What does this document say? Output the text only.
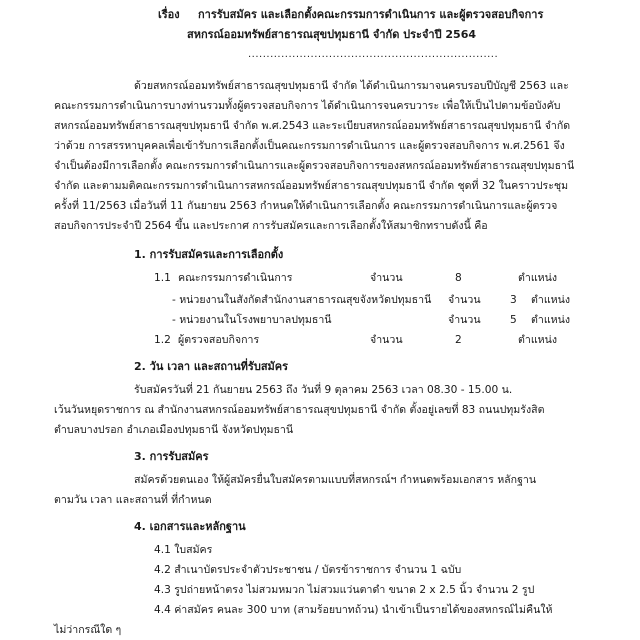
เรื่อง การรับสมัคร และเลือกตั้งคณะกรรมการดำเนินการ และผู้ตรวจสอบกิจการ
สหกรณ์ออมทรัพย์สาธารณสุขปทุมธานี จำกัด ประจำปี 2564
....................................................................
ด้วยสหกรณ์ออมทรัพย์สาธารณสุขปทุมธานี จำกัด ได้ดำเนินการมาจนครบรอบปีบัญชี 2563 และ
คณะกรรมการดำเนินการบางท่านรวมทั้งผู้ตรวจสอบกิจการ ได้ดำเนินการจนครบวาระ เพื่อให้เป็นไปตามข้อบังคับ
สหกรณ์ออมทรัพย์สาธารณสุขปทุมธานี จำกัด พ.ศ.2543 และระเบียบสหกรณ์ออมทรัพย์สาธารณสุขปทุมธานี จำกัด
ว่าด้วย การสรรหาบุคคลเพื่อเข้ารับการเลือกตั้งเป็นคณะกรรมการดำเนินการ และผู้ตรวจสอบกิจการ พ.ศ.2561 จึง
จำเป็นต้องมีการเลือกตั้ง คณะกรรมการดำเนินการและผู้ตรวจสอบกิจการของสหกรณ์ออมทรัพย์สาธารณสุขปทุมธานี
จำกัด และตามมติคณะกรรมการดำเนินการสหกรณ์ออมทรัพย์สาธารณสุขปทุมธานี จำกัด ชุดที่ 32 ในคราวประชุม
ครั้งที่ 11/2563 เมื่อวันที่ 11 กันยายน 2563 กำหนดให้ดำเนินการเลือกตั้ง คณะกรรมการดำเนินการและผู้ตรวจ
สอบกิจการประจำปี 2564 ขึ้น และประกาศ การรับสมัครและการเลือกตั้งให้สมาชิกทราบดังนี้ คือ
1. การรับสมัครและการเลือกตั้ง
1.1 คณะกรรมการดำเนินการ	จำนวน	8	ตำแหน่ง
- หน่วยงานในสังกัดสำนักงานสาธารณสุขจังหวัดปทุมธานี จำนวน	3 ตำแหน่ง
- หน่วยงานในโรงพยาบาลปทุมธานี	จำนวน	5 ตำแหน่ง
1.2 ผู้ตรวจสอบกิจการ	จำนวน	2	ตำแหน่ง
2. วัน เวลา และสถานที่รับสมัคร
รับสมัครวันที่ 21 กันยายน 2563 ถึง วันที่ 9 ตุลาคม 2563 เวลา 08.30 - 15.00 น.
เว้นวันหยุดราชการ ณ สำนักงานสหกรณ์ออมทรัพย์สาธารณสุขปทุมธานี จำกัด ตั้งอยู่เลขที่ 83 ถนนปทุมรังสิต
ตำบลบางปรอก อำเภอเมืองปทุมธานี จังหวัดปทุมธานี
3. การรับสมัคร
สมัครด้วยตนเอง ให้ผู้สมัครยื่นใบสมัครตามแบบที่สหกรณ์ฯ กำหนดพร้อมเอกสาร หลักฐาน
ตามวัน เวลา และสถานที่ ที่กำหนด
4. เอกสารและหลักฐาน
4.1 ใบสมัคร
4.2 สำเนาบัตรประจำตัวประชาชน / บัตรข้าราชการ จำนวน 1 ฉบับ
4.3 รูปถ่ายหน้าตรง ไม่สวมหมวก ไม่สวมแว่นตาดำ ขนาด 2 x 2.5 นิ้ว จำนวน 2 รูป
4.4 ค่าสมัคร คนละ 300 บาท (สามร้อยบาทถ้วน) นำเข้าเป็นรายได้ของสหกรณ์ไม่คืนให้
ไม่ว่ากรณีใด ๆ
